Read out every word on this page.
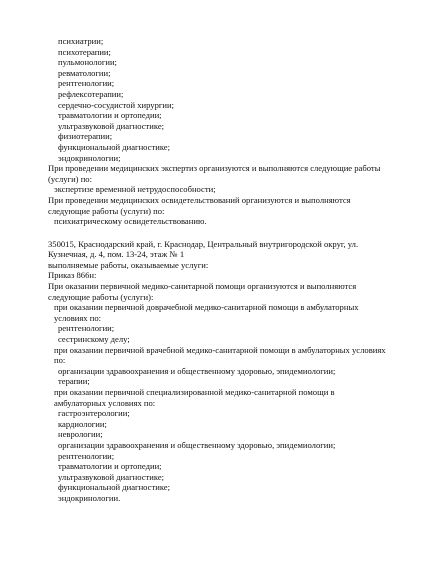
психиатрии;

психотерапии;

пульмонологии;

ревматологии;

рентгенологии;

рефлексотерапии;

сердечно-сосудистой хирургии;

травматологии и ортопедии;

ультразвуковой диагностике;

физиотерапии;

функциональной диагностике;

эндокринологии;

При проведении медицинских экспертиз организуются и выполняются следующие работы (услуги) по:

экспертизе временной нетрудоспособности;

При проведении медицинских освидетельствований организуются и выполняются следующие работы (услуги) по:

психиатрическому освидетельствованию.

350015, Краснодарский край, г. Краснодар, Центральный внутригородской округ, ул. Кузнечная, д. 4, пом. 13-24, этаж № 1

выполняемые работы, оказываемые услуги:

Приказ 866н:

При оказании первичной медико-санитарной помощи организуются и выполняются следующие работы (услуги):

при оказании первичной доврачебной медико-санитарной помощи в амбулаторных условиях по:

рентгенологии;

сестринскому делу;

при оказании первичной врачебной медико-санитарной помощи в амбулаторных условиях по:

организации здравоохранения и общественному здоровью, эпидемиологии;

терапии;

при оказании первичной специализированной медико-санитарной помощи в амбулаторных условиях по:

гастроэнтерологии;

кардиологии;

неврологии;

организации здравоохранения и общественному здоровью, эпидемиологии;

рентгенологии;

травматологии и ортопедии;

ультразвуковой диагностике;

функциональной диагностике;

эндокринологии.
